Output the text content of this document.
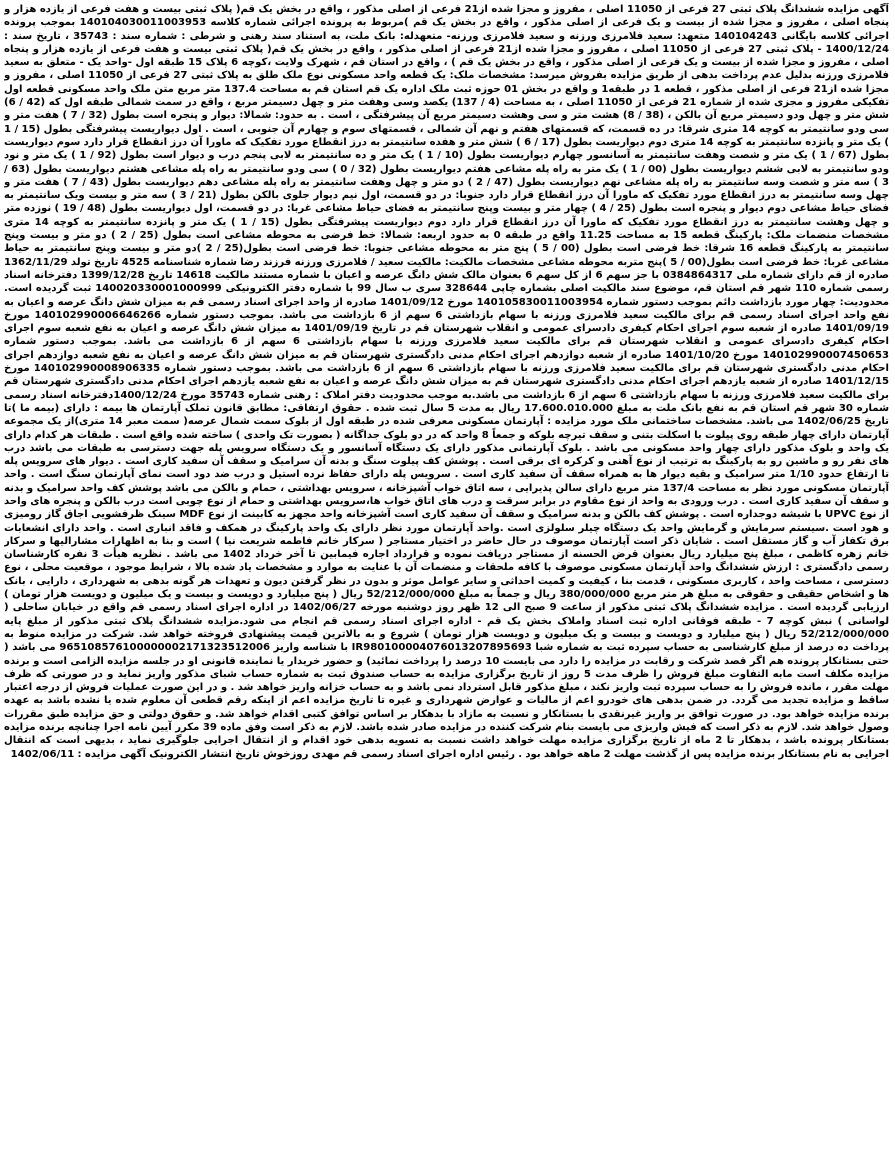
آگهی مزایده ششدانگ پلاک ثبتی 27 فرعی از 11050 اصلی ، مفروز و مجزا شده از21 فرعی از اصلی مذکور ، واقع در بخش یک قم( پلاک ثبتی بیست و هفت فرعی از یازده هزار و پنجاه اصلی ، مفروز و مجزا شده از بیست و یک فرعی از اصلی مذکور ، واقع در بخش یک قم )مربوط به پرونده اجرائی شماره کلاسه 140104030011003953 بموجب پرونده اجرائی کلاسه بایگانی 140104243 متعهد: سعید فلامرزی ورزنه و سعید فلامرزی ورزنه- متعهدله: بانک ملت، به استناد سند رهنی و شرطی : شماره سند : 35743 ، تاریخ سند : 1400/12/24 - پلاک ثبتی 27 فرعی از 11050 اصلی ، مفروز و مجزا شده از21 فرعی از اصلی مذکور ، واقع در بخش یک قم( پلاک ثبتی بیست و هفت فرعی از یازده هزار و پنجاه اصلی ، مفروز و مجزا شده از بیست و یک فرعی از اصلی مذکور ، واقع در بخش یک قم ) ، واقع در استان قم ، شهرک ولایت ،کوچه 6 پلاک 15 طبقه اول -واحد یک - متعلق به سعید فلامرزی ورزنه بدلیل عدم پرداخت بدهی از طریق مزایده بفروش میرسد: مشخصات ملک: یک قطعه واحد مسکونی نوع ملک طلق به پلاک ثبتی 27 فرعی از 11050 اصلی ، مفروز و مجزا شده از21 فرعی از اصلی مذکور ، قطعه 1 در طبقه1 و واقع در بخش 01 حوزه ثبت ملک اداره یک قم استان قم به مساحت 137.4 متر مربع متن ملک واحد مسکونی قطعه اول تفکیکی مفروز و مجزی شده از شماره 21 فرعی از 11050 اصلی ، به مساحت (4 / 137) یکصد وسی وهفت متر و چهل دسیمتر مربع ، واقع در سمت شمالی طبقه اول که (42 / 6) شش متر و چهل ودو دسیمتر مربع آن بالکن ، (38 / 8) هشت متر و سی وهشت دسیمتر مربع آن پیشرفتگی ، است . به حدود: شمالا: دیوار و پنجره است بطول (32 / 7 ) هفت متر و سی ودو سانتیمتر به کوچه 14 متری شرقا: در ده قسمت، که قسمتهای هفتم و نهم آن شمالی ، قسمتهای سوم و چهارم آن جنوبی ، است . اول دیواریست پیشرفتگی بطول (15 / 1 ) یک متر و پانزده سانتیمتر به کوچه 14 متری دوم دیواریست بطول (17 / 6 ) شش متر و هفده سانتیمتر به درز انقطاع مورد تفکیک که ماورا آن درز انقطاع قرار دارد سوم دیواریست بطول (67 / 1 ) یک متر و شصت وهفت سانتیمتر به آسانسور چهارم دیواریست بطول (10 / 1 ) یک متر و ده سانتیمتر به لابی پنجم درب و دیوار است بطول (92 / 1 ) یک متر و نود ودو سانتیمتر به لابی ششم دیواریست بطول (00 / 1 ) یک متر به راه پله مشاعی هفتم دیواریست بطول (32 / 0 ) سی ودو سانتیمتر به راه پله مشاعی هشتم دیواریست بطول (63 / 3 ) سه متر و شصت وسه سانتیمتر به راه پله مشاعی نهم دیواریست بطول (47 / 2 ) دو متر و چهل وهفت سانتیمتر به راه پله مشاعی دهم دیواریست بطول (43 / 7 ) هفت متر و چهل وسه سانتیمتر به درز انقطاع مورد تفکیک که ماورا آن درز انقطاع قرار دارد جنوبا: در دو قسمت، اول نیم دیوار جلوی بالکن بطول (21 / 3 ) سه متر و بیست ویک سانتیمتر به فضای حیاط مشاعی دوم دیوار و پنجره است بطول (25 / 4 ) چهار متر و بیست وپنج سانتیمتر به فضای حیاط مشاعی غربا: در دو قسمت، اول دیواریست بطول (48 / 19 ) نوزده متر و چهل وهشت سانتیمتر به درز انقطاع مورد تفکیک که ماورا آن درز انقطاع قرار دارد دوم دیواریست پیشرفتگی بطول (15 / 1 ) یک متر و پانزده سانتیمتر به کوچه 14 متری مشخصات منضمات ملک: پارکینگ قطعه 15 به مساحت 11.25 واقع در طبقه 0 به حدود اربعه: شمالا: خط فرضی به محوطه مشاعی است بطول (25 / 2 ) دو متر و بیست وپنج سانتیمتر به پارکینگ قطعه 16 شرقا: خط فرضی است بطول (00 / 5 ) پنج متر به محوطه مشاعی جنوبا: خط فرضی است بطول(25 / 2 )دو متر و بیست وپنج سانتیمتر به حیاط مشاعی غربا: خط فرضی است بطول(00 / 5 )پنج متربه محوطه مشاعی مشخصات مالکیت: مالکیت سعید / فلامرزی ورزنه فرزند رضا شماره شناسنامه 4525 تاریخ تولد 1362/11/29 صادره از قم دارای شماره ملی 0384864317 با جز سهم 6 از کل سهم 6 بعنوان مالک شش دانگ عرصه و اعیان با شماره مستند مالکیت 14618 تاریخ 1399/12/28 دفترخانه اسناد رسمی شماره 110 شهر قم استان قم، موضوع سند مالکیت اصلی بشماره چاپی 328644 سری ب سال 99 با شماره دفتر الکترونیکی 140020330001000999 ثبت گردیده است. محدودیت: چهار مورد بازداشت دائم بموجب دستور شماره 140105830011003954 مورخ 1401/09/12 صادره از واحد اجرای اسناد رسمی قم به میزان شش دانگ عرصه و اعیان به نفع واحد اجرای اسناد رسمی قم برای مالکیت سعید فلامرزی ورزنه با سهام بازداشتی 6 سهم از 6 بازداشت می باشد. بموجب دستور شماره 140102990006646266 مورخ 1401/09/19 صادره از شعبه سوم اجرای احکام کیفری دادسرای عمومی و انقلاب شهرستان قم در تاریخ 1401/09/19 به میزان شش دانگ عرصه و اعیان به نفع شعبه سوم اجرای احکام کیفری دادسرای عمومی و انقلاب شهرستان قم برای مالکیت سعید فلامرزی ورزنه با سهام بازداشتی 6 سهم از 6 بازداشت می باشد. بموجب دستور شماره 140102990007450653 مورخ 1401/10/20 صادره از شعبه دوازدهم اجرای احکام مدنی دادگستری شهرستان قم به میزان شش دانگ عرصه و اعیان به نفع شعبه دوازدهم اجرای احکام مدنی دادگستری شهرستان قم برای مالکیت سعید فلامرزی ورزنه با سهام بازداشتی 6 سهم از 6 بازداشت می باشد. بموجب دستور شماره 140102990008906335 مورخ 1401/12/15 صادره از شعبه یازدهم اجرای احکام مدنی دادگستری شهرستان قم به میزان شش دانگ عرصه و اعیان به نفع شعبه یازدهم اجرای احکام مدنی دادگستری شهرستان قم برای مالکیت سعید فلامرزی ورزنه با سهام بازداشتی 6 سهم از 6 بازداشت می باشد.به موجب محدودیت دفتر املاک : رهنی شماره 35743 مورخ 1400/12/24دفترخانه اسناد رسمی شماره 30 شهر قم استان قم به نفع بانک ملت به مبلغ 17.600.010.000 ریال به مدت 5 سال ثبت شده . حقوق ارتفاقی: مطابق قانون تملک آپارتمان ها بیمه : دارای (بیمه ما )تا تاریخ 1402/06/25 می باشد. مشخصات ساختمانی ملک مورد مزایده : آپارتمان مسکونی معرفی شده در طبقه اول از بلوک سمت شمال عرصه( سمت معبر 14 متری)از یک مجموعه آپارتمان دارای چهار طبقه روی پیلوت با اسکلت بتنی و سقف تیرچه بلوکه و جمعاً 8 واحد که در دو بلوک جداگانه ( بصورت تک واحدی ) ساخته شده واقع است . طبقات هر کدام دارای یک واحد و بلوک مذکور دارای چهار واحد مسکونی می باشد . بلوک آپارتمانی مذکور دارای یک دستگاه آسانسور و یک دستگاه سرویس پله جهت دسترسی به طبقات می باشد درب های نفر رو و ماشین رو به پارکینگ به ترتیب از نوع آهنی و کرکره ای برقی است . پوشش کف پیلوت سنگ و بدنه آن سرامیک و سقف آن سفید کاری است . دیوار های سرویس پله تا ارتفاع حدود 1/10 متر سرامیک و بقیه دیوار ها به همراه سقف آن سفید کاری است . سرویس پله دارای حفاظ نرده استیل و درب ضد دود است نمای آپارتمان سنگ است . واحد آپارتمان مسکونی مورد نظر به مساحت 137/4 متر مربع دارای سالن پذیرایی ، سه اتاق خواب آشپزخانه ، سرویس بهداشتی ، حمام و بالکن می باشد پوشش کف واحد سرامیک و بدنه و سقف آن سفید کاری است . درب ورودی به واحد از نوع مقاوم در برابر سرقت و درب های اتاق خواب ها،سرویس بهداشتی و حمام از نوع چوبی است درب بالکن و پنجره های واحد از نوع UPVC با شیشه دوجداره است . پوشش کف بالکن و بدنه سرامیک و سقف آن سفید کاری است آشپزخانه واحد مجهز به کابینت از نوع MDF سینک ظرفشویی اجاق گاز رومیزی و هود است .سیستم سرمایش و گرمایش واحد یک دستگاه چیلر سلولزی است .واحد آپارتمان مورد نظر دارای یک واحد پارکینگ در همکف و فاقد انباری است . واحد دارای انشعابات برق تکفاز آب و گاز مستقل است . شایان ذکر است آپارتمان موصوف در حال حاضر در اختیار مستاجر ( سرکار خانم فاطمه شریعت نیا ) است و بنا به اظهارات مشارالیها و سرکار خانم زهره کاظمی ، مبلغ پنج میلیارد ریال بعنوان قرض الحسنه از مستاجر دریافت نموده و قرارداد اجاره فیمابین تا آخر خرداد 1402 می باشد . نظریه هیأت 3 نفره کارشناسان رسمی دادگستری : ارزش ششدانگ واحد آپارتمان مسکونی موصوف با کافه ملحقات و منضمات آن با عنایت به موارد و مشخصات یاد شده بالا ، شرایط موجود ، موقعیت محلی ، نوع دسترسی ، مساحت واحد ، کاربری مسکونی ، قدمت بنا ، کیفیت و کمیت احداثی و سایر عوامل موثر و بدون در نظر گرفتن دیون و تعهدات هر گونه بدهی به شهرداری ، دارایی ، بانک ها و اشخاص حقیقی و حقوقی به مبلغ هر متر مربع 380/000/000 ریال و جمعاً به مبلغ 52/212/000/000 ریال ( پنج میلیارد و دویست و بیست و یک میلیون و دویست هزار تومان ) ارزیابی گردیده است . مزایده ششدانگ پلاک ثبتی مذکور از ساعت 9 صبح الی 12 ظهر روز دوشنبه مورخه 1402/06/27 در اداره اجرای اسناد رسمی قم واقع در خیابان ساحلی ( لواسانی ) نبش کوچه 7 - طبقه فوقانی اداره ثبت اسناد واملاک بخش یک قم - اداره اجرای اسناد رسمی قم انجام می شود.مزایده ششدانگ پلاک ثبتی مذکور از مبلغ پایه 52/212/000/000 ریال ( پنج میلیارد و دویست و بیست و یک میلیون و دویست هزار تومان ) شروع و به بالاترین قیمت پیشنهادی فروخته خواهد شد. شرکت در مزایده منوط به پرداخت ده درصد از مبلغ کارشناسی به حساب سپرده ثبت به شماره شبا IR980100004076013207895693 با شناسه واریز 965108576100000002171323512006 می باشد ( حتی بستانکار پرونده هم اگر قصد شرکت و رقابت در مزایده را دارد می بایست 10 درصد را پرداخت نمائید) و حضور خریدار یا نماینده قانونی او در جلسه مزایده الزامی است و برنده مزایده مکلف است مابه التفاوت مبلغ فروش را ظرف مدت 5 روز از تاریخ برگزاری مزایده به حساب صندوق ثبت به شماره حساب شبای مذکور واریز نماید و در صورتی که ظرف مهلت مقرر ، مانده فروش را به حساب سپرده ثبت واریز نکند ، مبلغ مذکور قابل استرداد نمی باشد و به حساب خزانه واریز خواهد شد . و در این صورت عملیات فروش از درجه اعتبار ساقط و مزایده تجدید می گردد. در ضمن بدهی های خودرو اعم از مالیات و عوارض شهرداری و غیره تا تاریخ مزایده اعم از اینکه رقم قطعی آن معلوم شده یا نشده باشد به عهده برنده مزایده خواهد بود. در صورت توافق بر واریز غیرنقدی با بستانکار و نسبت به مازاد با بدهکار بر اساس توافق کتبی اقدام خواهد شد. و حقوق دولتی و حق مزایده طبق مقررات وصول خواهد شد. لازم به ذکر است که فیش واریزی می بایست بنام شرکت کننده در مزایده صادر شده باشد. لازم به ذکر است وفق ماده 39 مکرر آیین نامه اجرا چنانچه برنده مزایده بستانکار پرونده باشد ، بدهکار تا 2 ماه از تاریخ برگزاری مزایده مهلت خواهد داشت نسبت به تسویه بدهی خود اقدام و از انتقال اجرایی جلوگیری نماید ، بدیهی است که انتقال اجرایی به نام بستانکار برنده مزایده پس از گذشت مهلت 2 ماهه خواهد بود . رئیس اداره اجرای اسناد رسمی قم مهدی روزخوش تاریخ انتشار الکترونیک آگهی مزایده : 1402/06/11
